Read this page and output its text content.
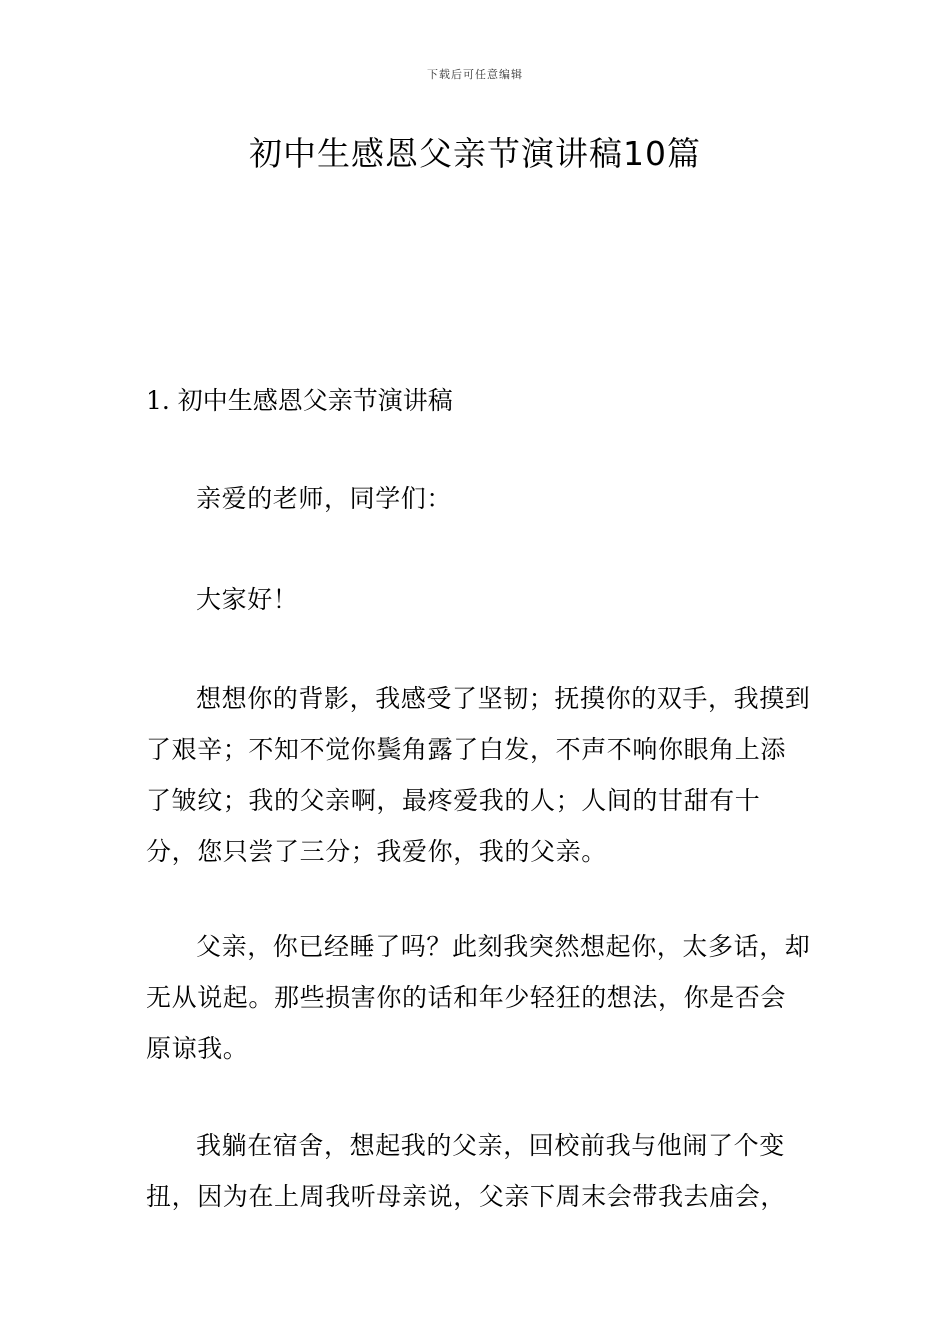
下载后可任意编辑
初中生感恩父亲节演讲稿10篇
1. 初中生感恩父亲节演讲稿

亲爱的老师，同学们：

大家好！

想想你的背影，我感受了坚韧；抚摸你的双手，我摸到了艰辛；不知不觉你鬓角露了白发，不声不响你眼角上添了皱纹；我的父亲啊，最疼爱我的人；人间的甘甜有十分，您只尝了三分；我爱你，我的父亲。

父亲，你已经睡了吗？此刻我突然想起你，太多话，却无从说起。那些损害你的话和年少轻狂的想法，你是否会原谅我。

我躺在宿舍，想起我的父亲，回校前我与他闹了个变扭，因为在上周我听母亲说，父亲下周末会带我去庙会，
